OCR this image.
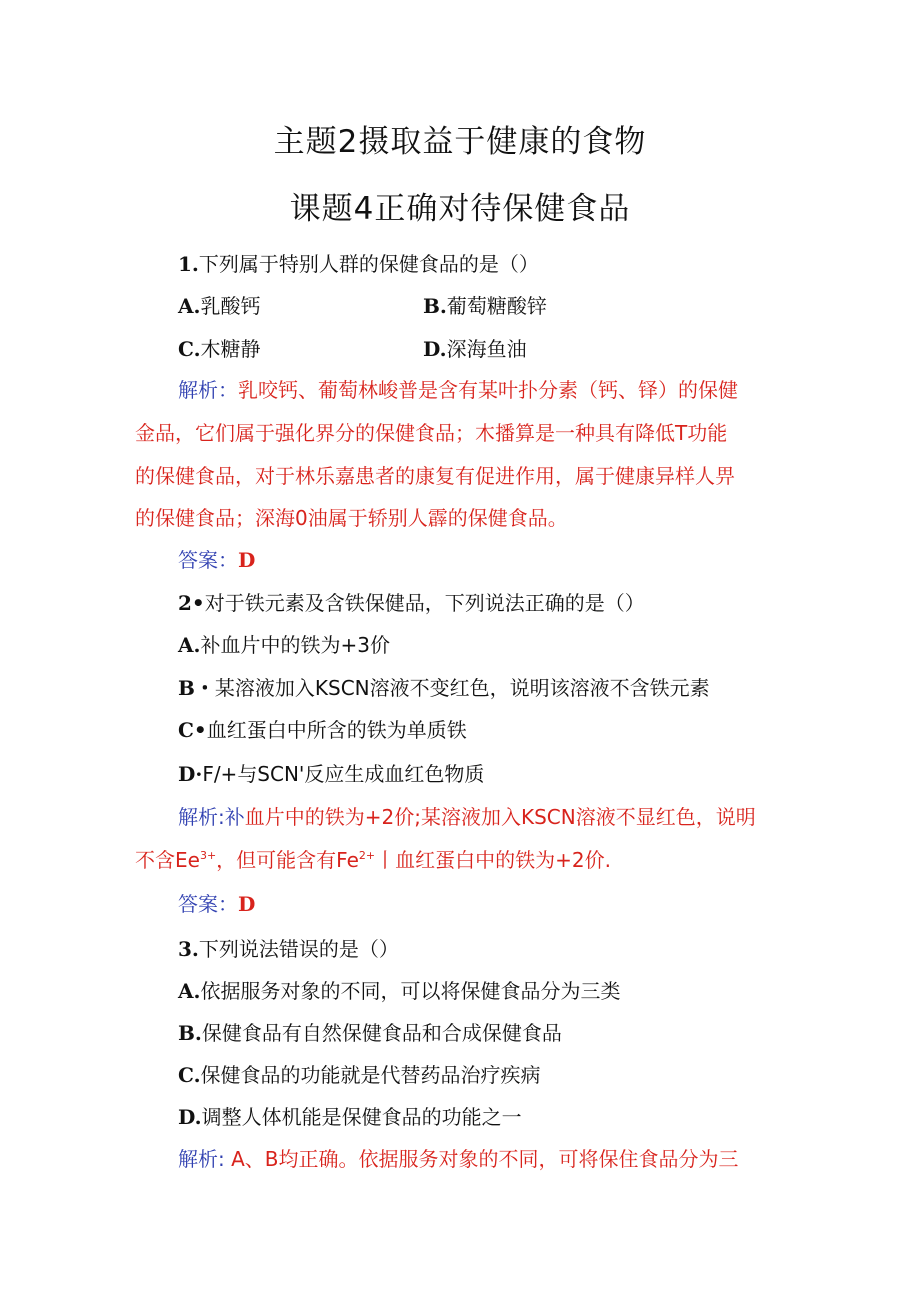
主题2摄取益于健康的食物
课题4正确对待保健食品
1.下列属于特别人群的保健食品的是（）
A.乳酸钙	B.葡萄糖酸锌
C.木糖静	D.深海鱼油
解析：乳咬钙、葡萄林峻普是含有某叶扑分素（钙、铎）的保健
金品，它们属于强化界分的保健食品；木播算是一种具有降低T功能
的保健食品，对于林乐嘉患者的康复有促进作用，属于健康异样人畀
的保健食品；深海0油属于轿别人霹的保健食品。
答案：D
2•对于铁元素及含铁保健品，下列说法正确的是（）
A.补血片中的铁为+3价
B・某溶液加入KSCN溶液不变红色，说明该溶液不含铁元素
C•血红蛋白中所含的铁为单质铁
D·F/+与SCN'反应生成血红色物质
解析:补血片中的铁为+2价;某溶液加入KSCN溶液不显红色，说明
不含$Ee^{3+}$，但可能含有$Fe^{2+}$丨血红蛋白中的铁为+2价.
答案：D
3.下列说法错误的是（）
A.依据服务对象的不同，可以将保健食品分为三类
B.保健食品有自然保健食品和合成保健食品
C.保健食品的功能就是代替药品治疗疾病
D.调整人体机能是保健食品的功能之一
解析: A、B均正确。依据服务对象的不同，可将保住食品分为三
